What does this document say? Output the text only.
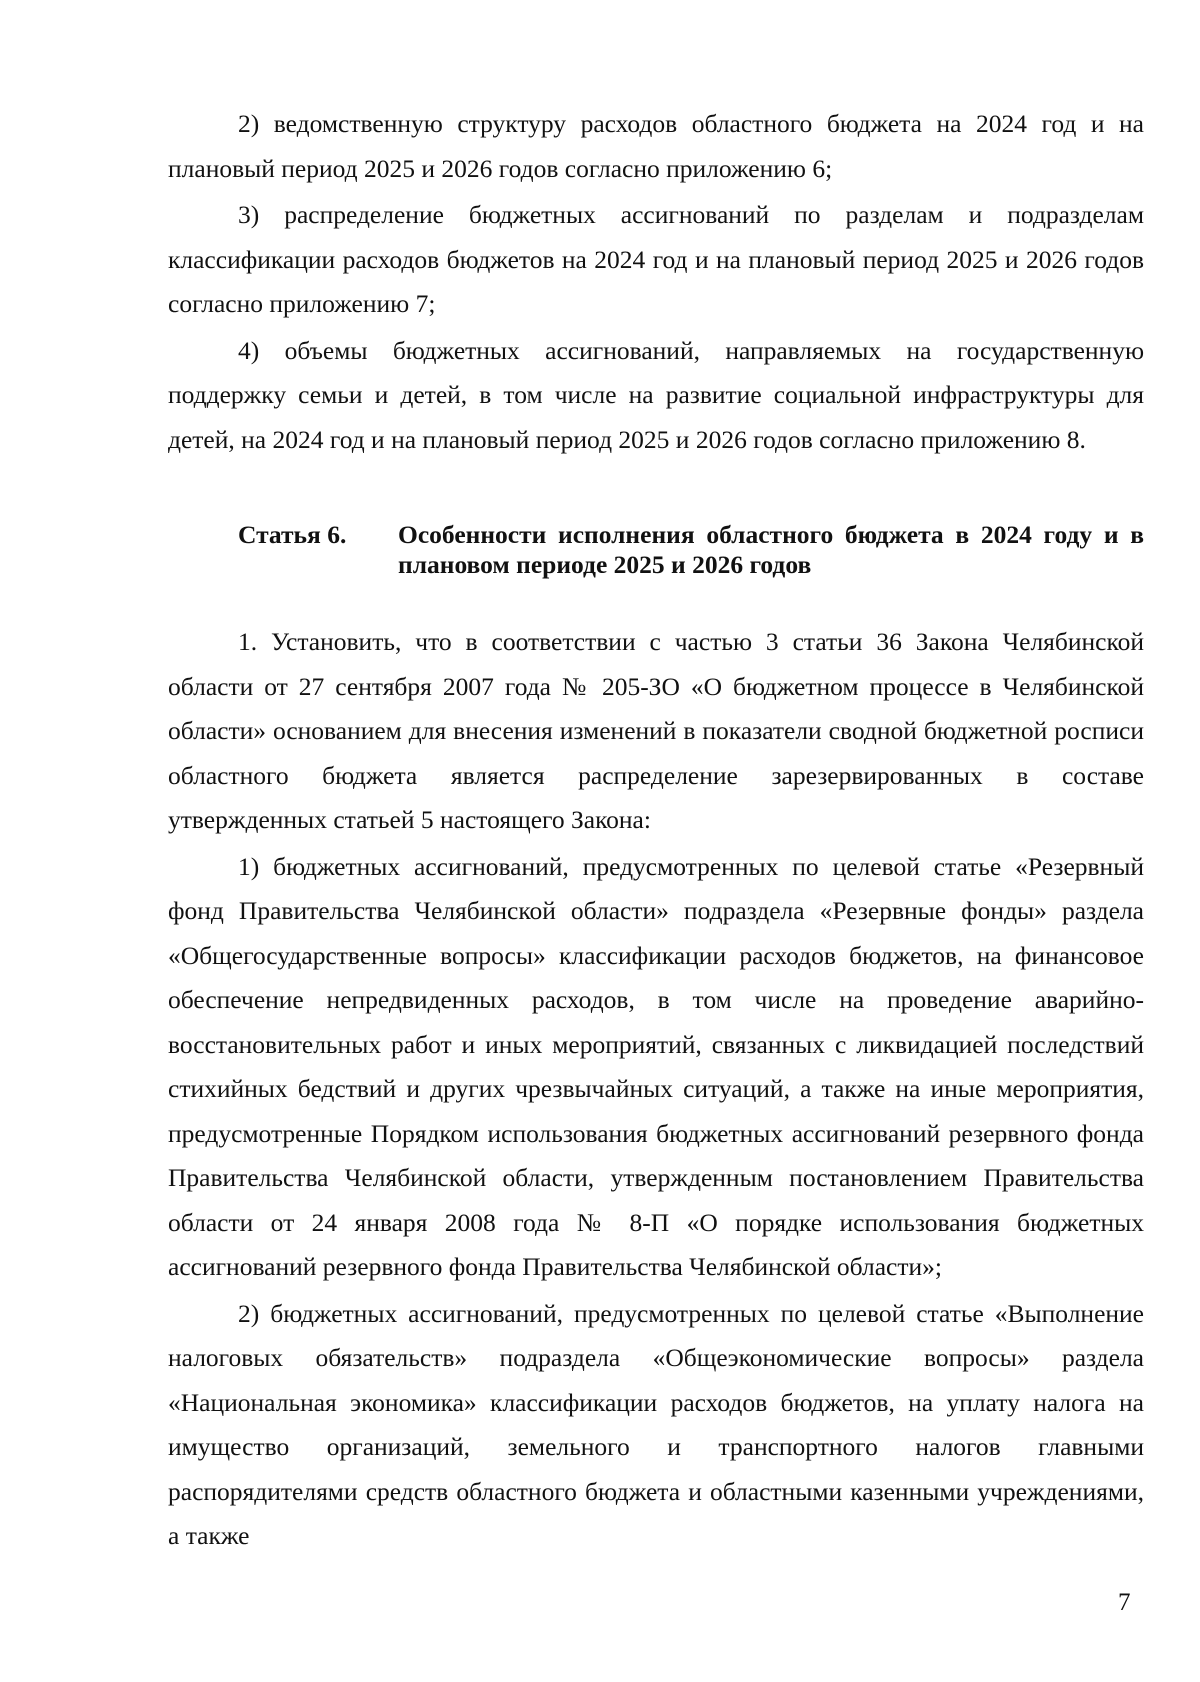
2) ведомственную структуру расходов областного бюджета на 2024 год и на плановый период 2025 и 2026 годов согласно приложению 6;

3) распределение бюджетных ассигнований по разделам и подразделам классификации расходов бюджетов на 2024 год и на плановый период 2025 и 2026 годов согласно приложению 7;

4) объемы бюджетных ассигнований, направляемых на государственную поддержку семьи и детей, в том числе на развитие социальной инфраструктуры для детей, на 2024 год и на плановый период 2025 и 2026 годов согласно приложению 8.

Статья 6.	Особенности исполнения областного бюджета в 2024 году и в плановом периоде 2025 и 2026 годов

1. Установить, что в соответствии с частью 3 статьи 36 Закона Челябинской области от 27 сентября 2007 года № 205-ЗО «О бюджетном процессе в Челябинской области» основанием для внесения изменений в показатели сводной бюджетной росписи областного бюджета является распределение зарезервированных в составе утвержденных статьей 5 настоящего Закона:

1) бюджетных ассигнований, предусмотренных по целевой статье «Резервный фонд Правительства Челябинской области» подраздела «Резервные фонды» раздела «Общегосударственные вопросы» классификации расходов бюджетов, на финансовое обеспечение непредвиденных расходов, в том числе на проведение аварийно-восстановительных работ и иных мероприятий, связанных с ликвидацией последствий стихийных бедствий и других чрезвычайных ситуаций, а также на иные мероприятия, предусмотренные Порядком использования бюджетных ассигнований резервного фонда Правительства Челябинской области, утвержденным постановлением Правительства области от 24 января 2008 года № 8-П «О порядке использования бюджетных ассигнований резервного фонда Правительства Челябинской области»;

2) бюджетных ассигнований, предусмотренных по целевой статье «Выполнение налоговых обязательств» подраздела «Общеэкономические вопросы» раздела «Национальная экономика» классификации расходов бюджетов, на уплату налога на имущество организаций, земельного и транспортного налогов главными распорядителями средств областного бюджета и областными казенными учреждениями, а также

7
